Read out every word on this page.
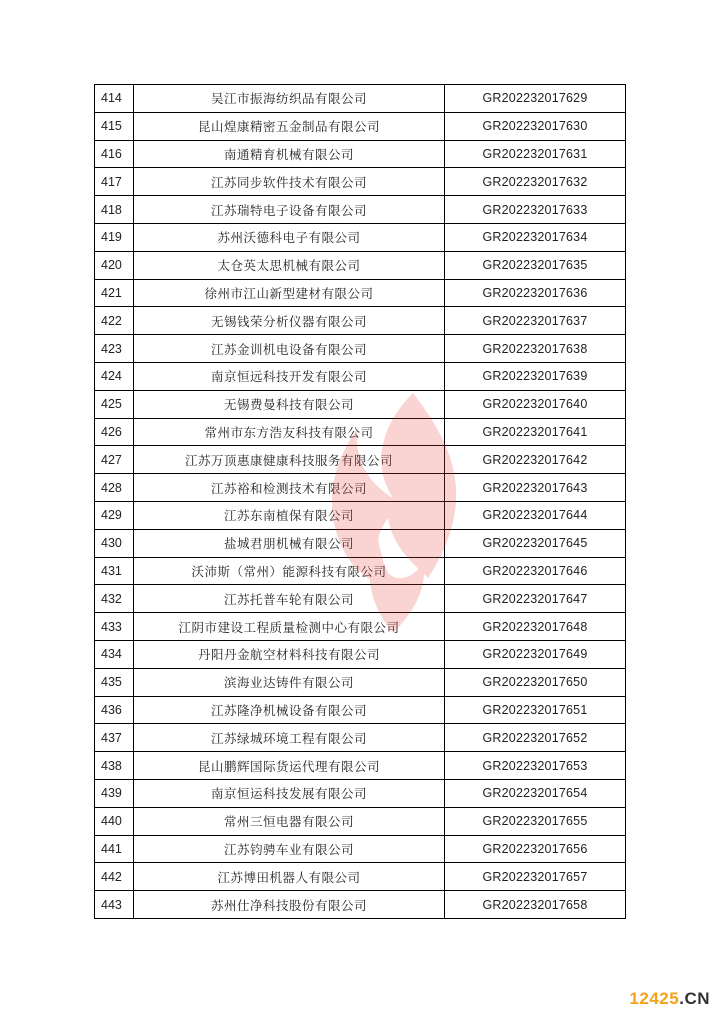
414	吴江市振海纺织品有限公司	GR202232017629
415	昆山煌康精密五金制品有限公司	GR202232017630
416	南通精育机械有限公司	GR202232017631
417	江苏同步软件技术有限公司	GR202232017632
418	江苏瑞特电子设备有限公司	GR202232017633
419	苏州沃德科电子有限公司	GR202232017634
420	太仓英太思机械有限公司	GR202232017635
421	徐州市江山新型建材有限公司	GR202232017636
422	无锡钱荣分析仪器有限公司	GR202232017637
423	江苏金训机电设备有限公司	GR202232017638
424	南京恒远科技开发有限公司	GR202232017639
425	无锡费曼科技有限公司	GR202232017640
426	常州市东方浩友科技有限公司	GR202232017641
427	江苏万顶惠康健康科技服务有限公司	GR202232017642
428	江苏裕和检测技术有限公司	GR202232017643
429	江苏东南植保有限公司	GR202232017644
430	盐城君朋机械有限公司	GR202232017645
431	沃沛斯（常州）能源科技有限公司	GR202232017646
432	江苏托普车轮有限公司	GR202232017647
433	江阴市建设工程质量检测中心有限公司	GR202232017648
434	丹阳丹金航空材料科技有限公司	GR202232017649
435	滨海业达铸件有限公司	GR202232017650
436	江苏隆净机械设备有限公司	GR202232017651
437	江苏绿城环境工程有限公司	GR202232017652
438	昆山鹏辉国际货运代理有限公司	GR202232017653
439	南京恒运科技发展有限公司	GR202232017654
440	常州三恒电器有限公司	GR202232017655
441	江苏钧骋车业有限公司	GR202232017656
442	江苏博田机器人有限公司	GR202232017657
443	苏州仕净科技股份有限公司	GR202232017658
12425.CN
